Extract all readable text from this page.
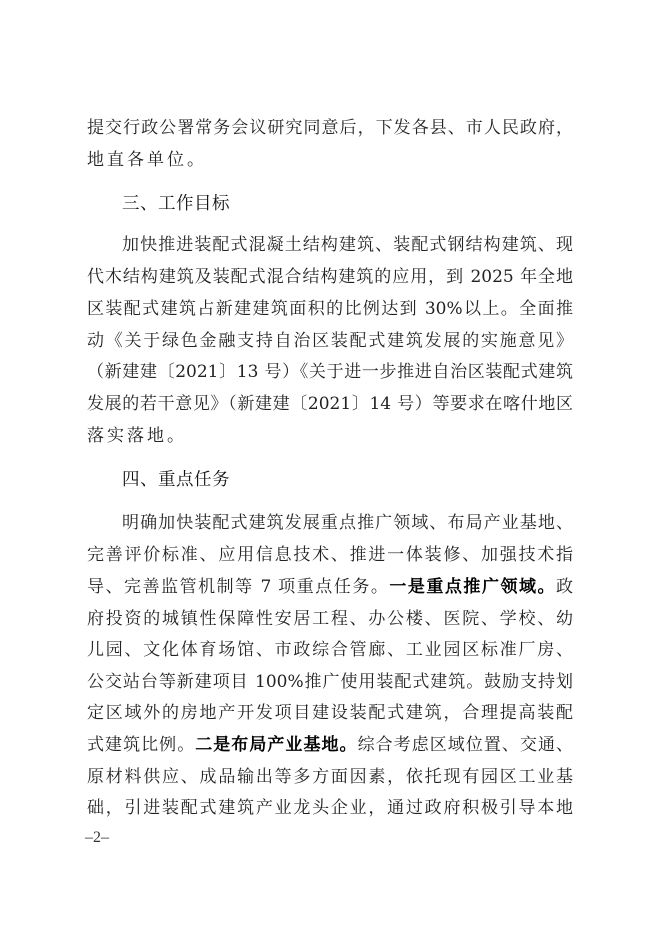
提交行政公署常务会议研究同意后，下发各县、市人民政府，
地直各单位。
三、工作目标
加快推进装配式混凝土结构建筑、装配式钢结构建筑、现
代木结构建筑及装配式混合结构建筑的应用，到 2025 年全地
区装配式建筑占新建建筑面积的比例达到 30%以上。全面推
动《关于绿色金融支持自治区装配式建筑发展的实施意见》
（新建建〔2021〕13 号）《关于进一步推进自治区装配式建筑
发展的若干意见》（新建建〔2021〕14 号）等要求在喀什地区
落实落地。
四、重点任务
明确加快装配式建筑发展重点推广领域、布局产业基地、
完善评价标准、应用信息技术、推进一体装修、加强技术指
导、完善监管机制等 7 项重点任务。一是重点推广领域。政
府投资的城镇性保障性安居工程、办公楼、医院、学校、幼
儿园、文化体育场馆、市政综合管廊、工业园区标准厂房、
公交站台等新建项目 100%推广使用装配式建筑。鼓励支持划
定区域外的房地产开发项目建设装配式建筑，合理提高装配
式建筑比例。二是布局产业基地。综合考虑区域位置、交通、
原材料供应、成品输出等多方面因素，依托现有园区工业基
础，引进装配式建筑产业龙头企业，通过政府积极引导本地
–2–
